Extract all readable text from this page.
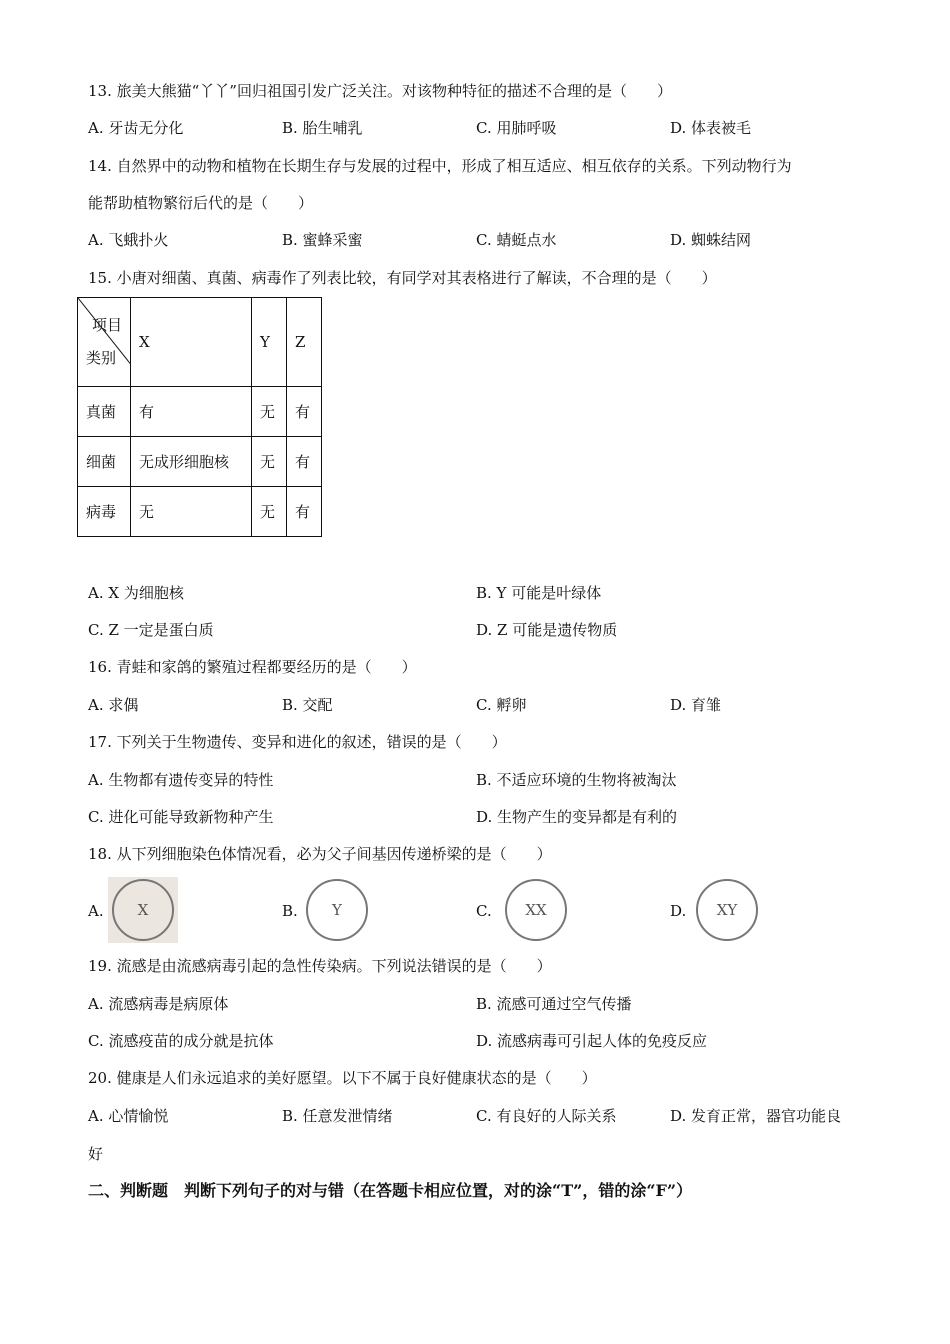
13. 旅美大熊猫“丫丫”回归祖国引发广泛关注。对该物种特征的描述不合理的是（　　）
A. 牙齿无分化	B. 胎生哺乳	C. 用肺呼吸	D. 体表被毛
14. 自然界中的动物和植物在长期生存与发展的过程中，形成了相互适应、相互依存的关系。下列动物行为
能帮助植物繁衍后代的是（　　）
A. 飞蛾扑火	B. 蜜蜂采蜜	C. 蜻蜓点水	D. 蜘蛛结网
15. 小唐对细菌、真菌、病毒作了列表比较，有同学对其表格进行了解读，不合理的是（　　）
项目
类别	X	Y	Z
真菌	有	无	有
细菌	无成形细胞核	无	有
病毒	无	无	有
A. X 为细胞核	B. Y 可能是叶绿体
C. Z 一定是蛋白质	D. Z 可能是遗传物质
16. 青蛙和家鸽的繁殖过程都要经历的是（　　）
A. 求偶	B. 交配	C. 孵卵	D. 育雏
17. 下列关于生物遗传、变异和进化的叙述，错误的是（　　）
A. 生物都有遗传变异的特性	B. 不适应环境的生物将被淘汰
C. 进化可能导致新物种产生	D. 生物产生的变异都是有利的
18. 从下列细胞染色体情况看，必为父子间基因传递桥梁的是（　　）
A. X	B. Y	C. XX	D. XY
19. 流感是由流感病毒引起的急性传染病。下列说法错误的是（　　）
A. 流感病毒是病原体	B. 流感可通过空气传播
C. 流感疫苗的成分就是抗体	D. 流感病毒可引起人体的免疫反应
20. 健康是人们永远追求的美好愿望。以下不属于良好健康状态的是（　　）
A. 心情愉悦	B. 任意发泄情绪	C. 有良好的人际关系	D. 发育正常，器官功能良
好
二、判断题　判断下列句子的对与错（在答题卡相应位置，对的涂“T”，错的涂“F”）
